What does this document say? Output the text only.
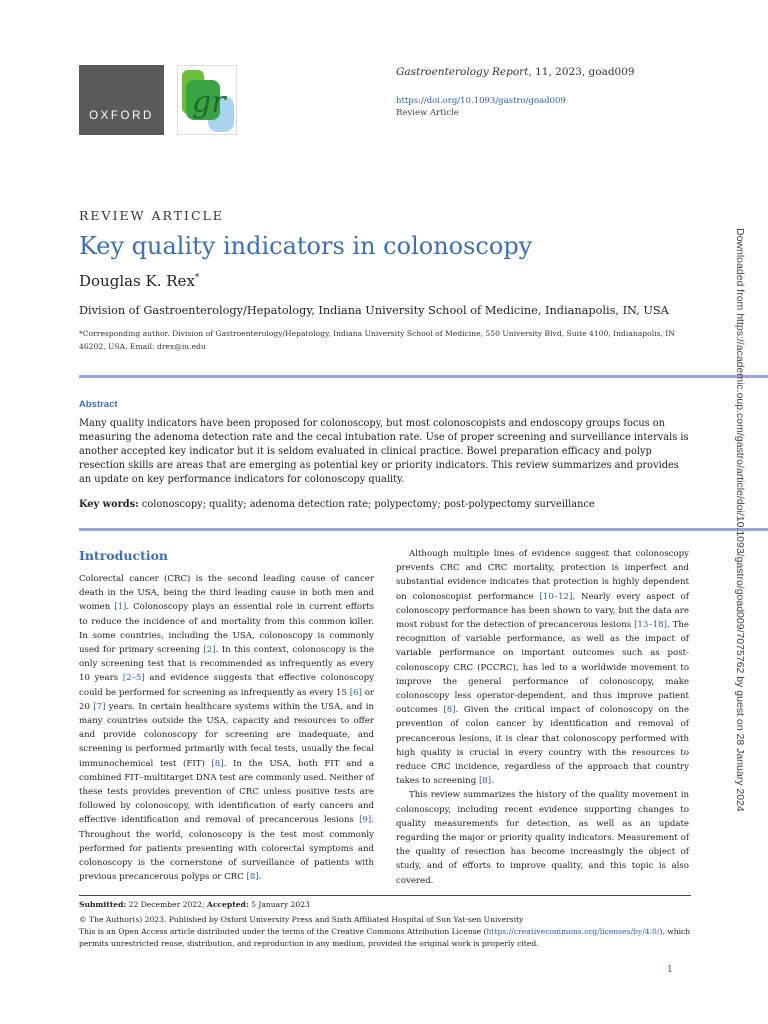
OXFORD gr
Gastroenterology Report, 11, 2023, goad009
https://doi.org/10.1093/gastro/goad009
Review Article
REVIEW ARTICLE
Key quality indicators in colonoscopy
Douglas K. Rex*
Division of Gastroenterology/Hepatology, Indiana University School of Medicine, Indianapolis, IN, USA
*Corresponding author. Division of Gastroenterology/Hepatology, Indiana University School of Medicine, 550 University Blvd, Suite 4100, Indianapolis, IN 46202, USA. Email: drex@iu.edu
Abstract
Many quality indicators have been proposed for colonoscopy, but most colonoscopists and endoscopy groups focus on measuring the adenoma detection rate and the cecal intubation rate. Use of proper screening and surveillance intervals is another accepted key indicator but it is seldom evaluated in clinical practice. Bowel preparation efficacy and polyp resection skills are areas that are emerging as potential key or priority indicators. This review summarizes and provides an update on key performance indicators for colonoscopy quality.
Key words: colonoscopy; quality; adenoma detection rate; polypectomy; post-polypectomy surveillance
Introduction

Colorectal cancer (CRC) is the second leading cause of cancer death in the USA, being the third leading cause in both men and women [1]. Colonoscopy plays an essential role in current efforts to reduce the incidence of and mortality from this common killer. In some countries, including the USA, colonoscopy is commonly used for primary screening [2]. In this context, colonoscopy is the only screening test that is recommended as infrequently as every 10 years [2–5] and evidence suggests that effective colonoscopy could be performed for screening as infrequently as every 15 [6] or 20 [7] years. In certain healthcare systems within the USA, and in many countries outside the USA, capacity and resources to offer and provide colonoscopy for screening are inadequate, and screening is performed primarily with fecal tests, usually the fecal immunochemical test (FIT) [8]. In the USA, both FIT and a combined FIT–multitarget DNA test are commonly used. Neither of these tests provides prevention of CRC unless positive tests are followed by colonoscopy, with identification of early cancers and effective identification and removal of precancerous lesions [9]. Throughout the world, colonoscopy is the test most commonly performed for patients presenting with colorectal symptoms and colonoscopy is the cornerstone of surveillance of patients with previous precancerous polyps or CRC [8].

Although multiple lines of evidence suggest that colonoscopy prevents CRC and CRC mortality, protection is imperfect and substantial evidence indicates that protection is highly dependent on colonoscopist performance [10–12]. Nearly every aspect of colonoscopy performance has been shown to vary, but the data are most robust for the detection of precancerous lesions [13–18]. The recognition of variable performance, as well as the impact of variable performance on important outcomes such as post-colonoscopy CRC (PCCRC), has led to a worldwide movement to improve the general performance of colonoscopy, make colonoscopy less operator-dependent, and thus improve patient outcomes [8]. Given the critical impact of colonoscopy on the prevention of colon cancer by identification and removal of precancerous lesions, it is clear that colonoscopy performed with high quality is crucial in every country with the resources to reduce CRC incidence, regardless of the approach that country takes to screening [8].

This review summarizes the history of the quality movement in colonoscopy, including recent evidence supporting changes to quality measurements for detection, as well as an update regarding the major or priority quality indicators. Measurement of the quality of resection has become increasingly the object of study, and of efforts to improve quality, and this topic is also covered.

Submitted: 22 December 2022; Accepted: 5 January 2023
© The Author(s) 2023. Published by Oxford University Press and Sixth Affiliated Hospital of Sun Yat-sen University
This is an Open Access article distributed under the terms of the Creative Commons Attribution License (https://creativecommons.org/licenses/by/4.0/), which permits unrestricted reuse, distribution, and reproduction in any medium, provided the original work is properly cited.
1
Downloaded from https://academic.oup.com/gastro/article/doi/10.1093/gastro/goad009/7075762 by guest on 28 January 2024
